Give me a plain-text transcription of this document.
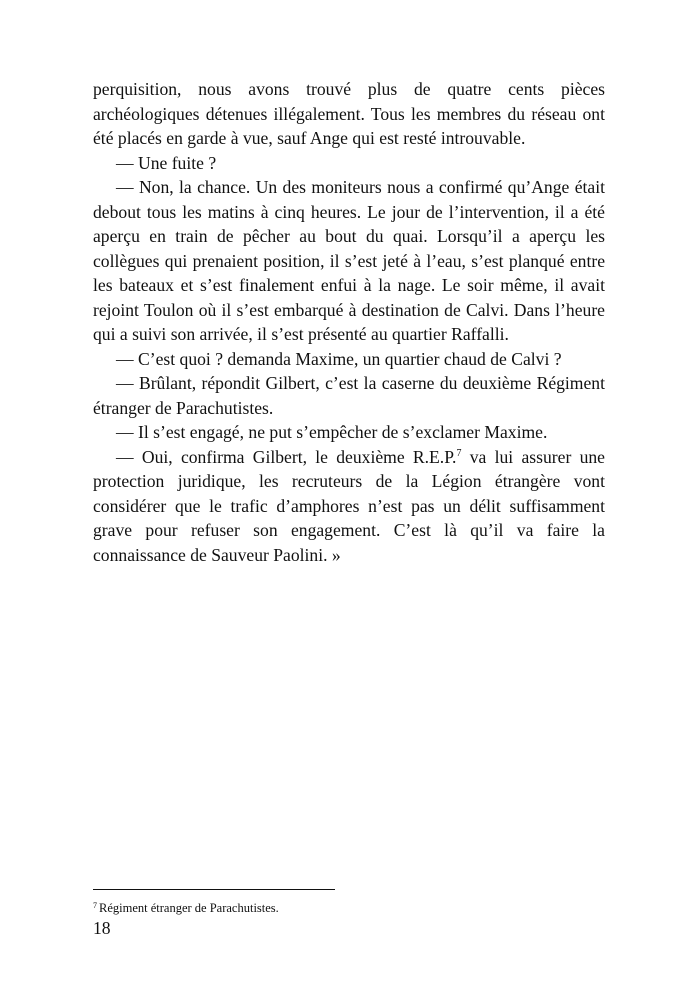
perquisition, nous avons trouvé plus de quatre cents pièces archéologiques détenues illégalement. Tous les membres du réseau ont été placés en garde à vue, sauf Ange qui est resté introuvable.

— Une fuite ?

— Non, la chance. Un des moniteurs nous a confirmé qu’Ange était debout tous les matins à cinq heures. Le jour de l’intervention, il a été aperçu en train de pêcher au bout du quai. Lorsqu’il a aperçu les collègues qui prenaient position, il s’est jeté à l’eau, s’est planqué entre les bateaux et s’est finalement enfui à la nage. Le soir même, il avait rejoint Toulon où il s’est embarqué à destination de Calvi. Dans l’heure qui a suivi son arrivée, il s’est présenté au quartier Raffalli.

— C’est quoi ? demanda Maxime, un quartier chaud de Calvi ?

— Brûlant, répondit Gilbert, c’est la caserne du deuxième Régiment étranger de Parachutistes.

— Il s’est engagé, ne put s’empêcher de s’exclamer Maxime.

— Oui, confirma Gilbert, le deuxième R.E.P.$^7$ va lui assurer une protection juridique, les recruteurs de la Légion étrangère vont considérer que le trafic d’amphores n’est pas un délit suffisamment grave pour refuser son engagement. C’est là qu’il va faire la connaissance de Sauveur Paolini. »

$^7$ Régiment étranger de Parachutistes.
18
